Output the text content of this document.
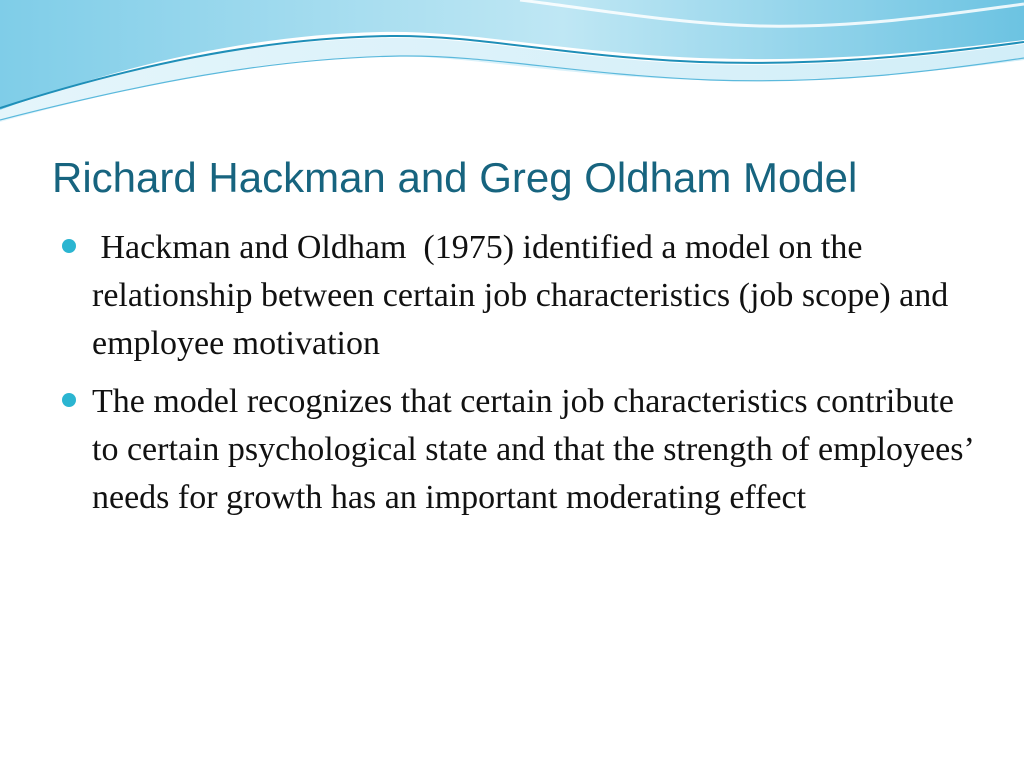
Richard Hackman and Greg Oldham Model
Hackman and Oldham  (1975) identified a model on the relationship between certain job characteristics (job scope) and employee motivation
The model recognizes that certain job characteristics contribute to certain psychological state and that the strength of employees’  needs for growth has an important moderating effect
